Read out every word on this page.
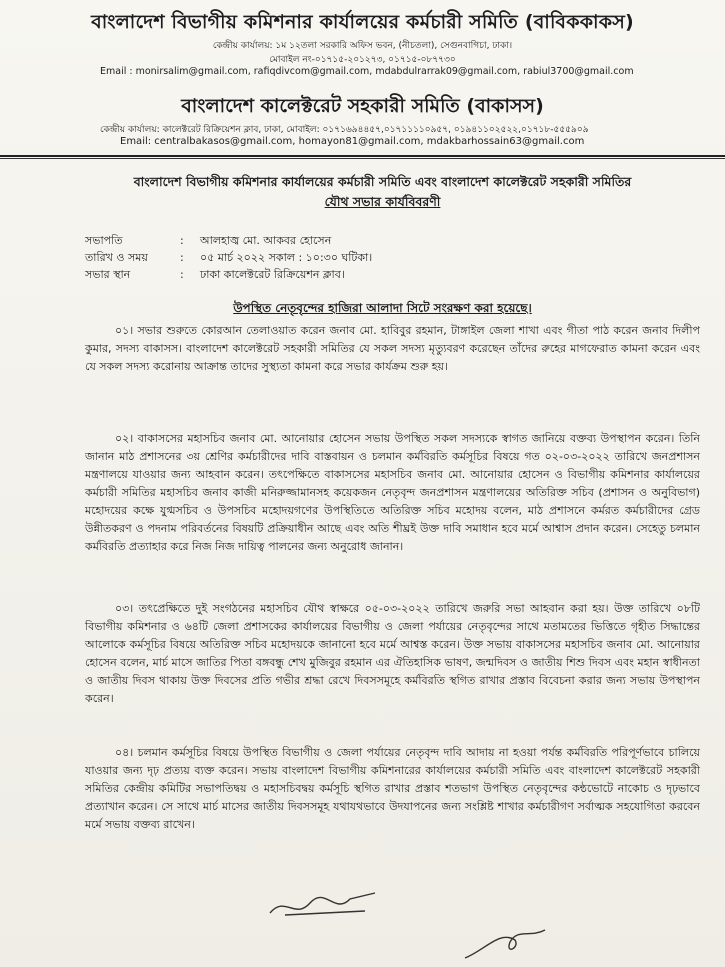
বাংলাদেশ বিভাগীয় কমিশনার কার্যালয়ের কর্মচারী সমিতি (বাবিককাকস)
কেন্দ্রীয় কার্যালয়: ১ম ১২তলা সরকারি অফিস ভবন, (নীচতলা), সেগুনবাগিচা, ঢাকা।
মোবাইল নং-০১৭১৫-২০১২৭৩, ০১৭১৫-০৮৭৭৩০
Email : monirsalim@gmail.com, rafiqdivcom@gmail.com, mdabdulrarrak09@gmail.com, rabiul3700@gmail.com
বাংলাদেশ কালেক্টরেট সহকারী সমিতি (বাকাসস)
কেন্দ্রীয় কার্যালয়: কালেক্টরেট রিক্রিয়েশন ক্লাব, ঢাকা, মোবাইল: ০১৭১৬৯৪৪৫৭,০১৭১১১১০৯৫৭, ০১৯৪১১০২৫২২,০১৭১৮-৫৫৫৯০৯
Email: centralbakasos@gmail.com, homayon81@gmail.com, mdakbarhossain63@gmail.com
বাংলাদেশ বিভাগীয় কমিশনার কার্যালয়ের কর্মচারী সমিতি এবং বাংলাদেশ কালেক্টরেট সহকারী সমিতির
যৌথ সভার কার্যবিবরণী
সভাপতি	: আলহাজ্ব মো. আকবর হোসেন
তারিখ ও সময়	: ০৫ মার্চ ২০২২ সকাল : ১০:৩০ ঘটিকা।
সভার স্থান	: ঢাকা কালেক্টরেট রিক্রিয়েশন ক্লাব।
উপস্থিত নেতৃবৃন্দের হাজিরা আলাদা সিটে সংরক্ষণ করা হয়েছে।
০১। সভার শুরুতে কোরআন তেলাওয়াত করেন জনাব মো. হাবিবুর রহমান, টাঙ্গাইল জেলা শাখা এবং গীতা পাঠ করেন জনাব দিলীপ কুমার, সদস্য বাকাসস। বাংলাদেশ কালেক্টরেট সহকারী সমিতির যে সকল সদস্য মৃত্যুবরণ করেছেন তাঁদের রুহের মাগফেরাত কামনা করেন এবং যে সকল সদস্য করোনায় আক্রান্ত তাদের সুস্থ্যতা কামনা করে সভার কার্যক্রম শুরু হয়।
০২। বাকাসসের মহাসচিব জনাব মো. আনোয়ার হোসেন সভায় উপস্থিত সকল সদস্যকে স্বাগত জানিয়ে বক্তব্য উপস্থাপন করেন। তিনি জানান মাঠ প্রশাসনের ৩য় শ্রেণির কর্মচারীদের দাবি বাস্তবায়ন ও চলমান কর্মবিরতি কর্মসূচির বিষয়ে গত ০২-০৩-২০২২ তারিখে জনপ্রশাসন মন্ত্রণালয়ে যাওয়ার জন্য আহবান করেন। তৎপেক্ষিতে বাকাসসের মহাসচিব জনাব মো. আনোয়ার হোসেন ও বিভাগীয় কমিশনার কার্যালয়ের কর্মচারী সমিতির মহাসচিব জনাব কাজী মনিরুজ্জামানসহ কয়েকজন নেতৃবৃন্দ জনপ্রশাসন মন্ত্রণালয়ের অতিরিক্ত সচিব (প্রশাসন ও অনুবিভাগ) মহোদয়ের কক্ষে যুগ্মসচিব ও উপসচিব মহোদয়গণের উপস্থিতিতে অতিরিক্ত সচিব মহোদয় বলেন, মাঠ প্রশাসনে কর্মরত কর্মচারীদের গ্রেড উন্নীতকরণ ও পদনাম পরিবর্তনের বিষয়টি প্রক্রিয়াধীন আছে এবং অতি শীঘ্রই উক্ত দাবি সমাধান হবে মর্মে আশ্বাস প্রদান করেন। সেহেতু চলমান কর্মবিরতি প্রত্যাহার করে নিজ নিজ দায়িত্ব পালনের জন্য অনুরোধ জানান।
০৩। তৎপ্রেক্ষিতে দুই সংগঠনের মহাসচিব যৌথ স্বাক্ষরে ০৫-০৩-২০২২ তারিখে জরুরি সভা আহবান করা হয়। উক্ত তারিখে ০৮টি বিভাগীয় কমিশনার ও ৬৪টি জেলা প্রশাসকের কার্যালয়ের বিভাগীয় ও জেলা পর্যায়ের নেতৃবৃন্দের সাথে মতামতের ভিত্তিতে গৃহীত সিদ্ধান্তের আলোকে কর্মসূচির বিষয়ে অতিরিক্ত সচিব মহোদয়কে জানানো হবে মর্মে আশ্বস্ত করেন। উক্ত সভায় বাকাসসের মহাসচিব জনাব মো. আনোয়ার হোসেন বলেন, মার্চ মাসে জাতির পিতা বঙ্গবন্ধু শেখ মুজিবুর রহমান এর ঐতিহাসিক ভাষণ, জন্মদিবস ও জাতীয় শিশু দিবস এবং মহান স্বাধীনতা ও জাতীয় দিবস থাকায় উক্ত দিবসের প্রতি গভীর শ্রদ্ধা রেখে দিবসসমূহে কর্মবিরতি স্থগিত রাখার প্রস্তাব বিবেচনা করার জন্য সভায় উপস্থাপন করেন।
০৪। চলমান কর্মসূচির বিষয়ে উপস্থিত বিভাগীয় ও জেলা পর্যায়ের নেতৃবৃন্দ দাবি আদায় না হওয়া পর্যন্ত কর্মবিরতি পরিপূর্ণভাবে চালিয়ে যাওয়ার জন্য দৃঢ় প্রত্যয় ব্যক্ত করেন। সভায় বাংলাদেশ বিভাগীয় কমিশনারের কার্যালয়ের কর্মচারী সমিতি এবং বাংলাদেশ কালেক্টরেট সহকারী সমিতির কেন্দ্রীয় কমিটির সভাপতিদ্বয় ও মহাসচিবদ্বয় কর্মসূচি স্থগিত রাখার প্রস্তাব শতভাগ উপস্থিত নেতৃবৃন্দের কন্ঠভোটে নাকোচ ও দৃঢ়ভাবে প্রত্যাখান করেন। সে সাথে মার্চ মাসের জাতীয় দিবসসমূহ যথাযথভাবে উদযাপনের জন্য সংশ্লিষ্ট শাখার কর্মচারীগণ সর্বাত্মক সহযোগিতা করবেন মর্মে সভায় বক্তব্য রাখেন।
